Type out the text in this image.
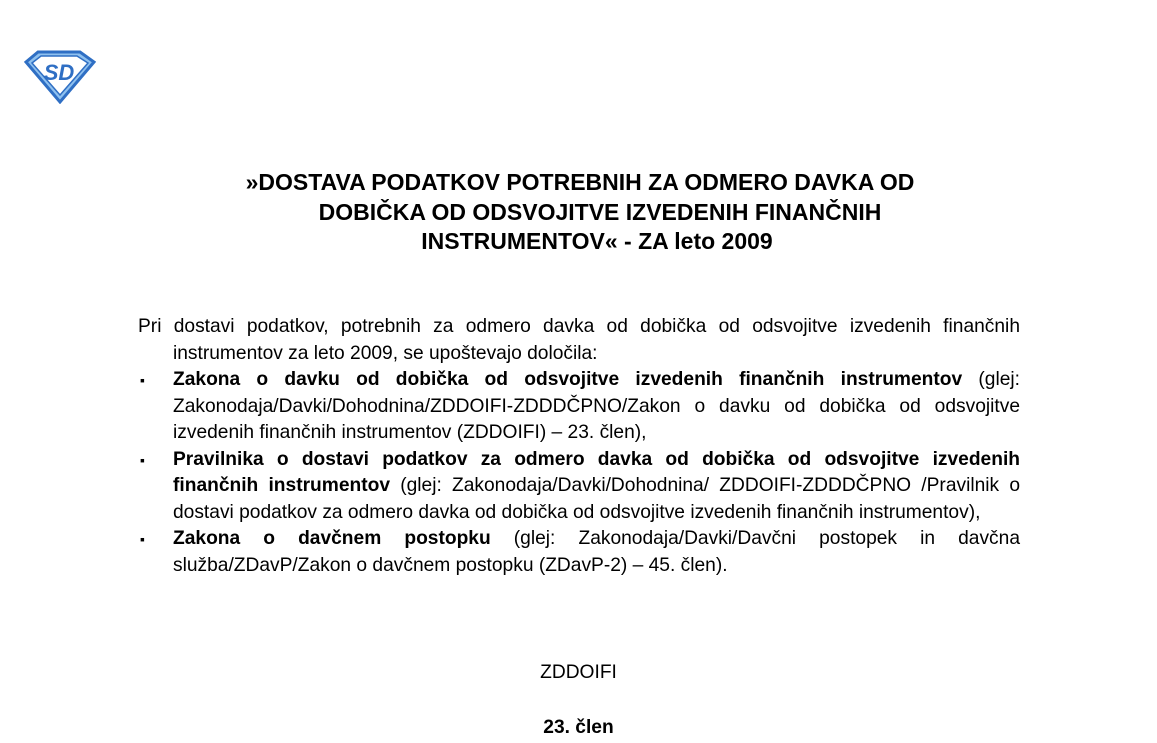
SD
»DOSTAVA PODATKOV POTREBNIH ZA ODMERO DAVKA OD
DOBIČKA OD ODSVOJITVE IZVEDENIH FINANČNIH
INSTRUMENTOV« - ZA leto 2009

Pri dostavi podatkov, potrebnih za odmero davka od dobička od odsvojitve izvedenih finančnih instrumentov za leto 2009, se upoštevajo določila:

▪ Zakona o davku od dobička od odsvojitve izvedenih finančnih instrumentov (glej: Zakonodaja/Davki/Dohodnina/ZDDOIFI-ZDDDČPNO/Zakon o davku od dobička od odsvojitve izvedenih finančnih instrumentov (ZDDOIFI) – 23. člen),
▪ Pravilnika o dostavi podatkov za odmero davka od dobička od odsvojitve izvedenih finančnih instrumentov (glej: Zakonodaja/Davki/Dohodnina/ ZDDOIFI-ZDDDČPNO /Pravilnik o dostavi podatkov za odmero davka od dobička od odsvojitve izvedenih finančnih instrumentov),
▪ Zakona o davčnem postopku (glej: Zakonodaja/Davki/Davčni postopek in davčna služba/ZDavP/Zakon o davčnem postopku (ZDavP-2) – 45. člen).

ZDDOIFI

23. člen
